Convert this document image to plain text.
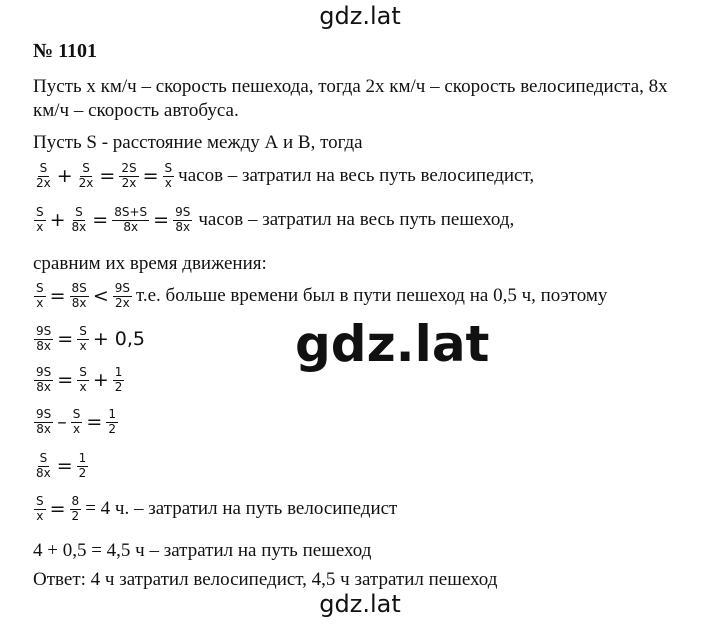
gdz.lat
№ 1101
Пусть х км/ч – скорость пешехода, тогда 2х км/ч – скорость велосипедиста, 8х
км/ч – скорость автобуса.
Пусть S - расстояние между А и В, тогда
$\frac{S}{2x} + \frac{S}{2x} = \frac{2S}{2x} = \frac{S}{x}$ часов – затратил на весь путь велосипедист,
$\frac{S}{x} + \frac{S}{8x} = \frac{8S+S}{8x} = \frac{9S}{8x}$ часов – затратил на весь путь пешеход,
сравним их время движения:
$\frac{S}{x} = \frac{8S}{8x} < \frac{9S}{2x} т.е$. больше времени был в пути пешеход на 0,5 ч, поэтому
$\frac{9S}{8x} = \frac{S}{x} + 0,5$
$\frac{9S}{8x} = \frac{S}{x} + \frac{1}{2}$
$\frac{9S}{8x} - \frac{S}{x} = \frac{1}{2}$
$\frac{S}{8x} = \frac{1}{2}$
$\frac{S}{x} = \frac{8}{2} = 4$ ч. – затратил на путь велосипедист
4 + 0,5 = 4,5 ч – затратил на путь пешеход
Ответ: 4 ч затратил велосипедист, 4,5 ч затратил пешеход
gdz.lat
gdz.lat
